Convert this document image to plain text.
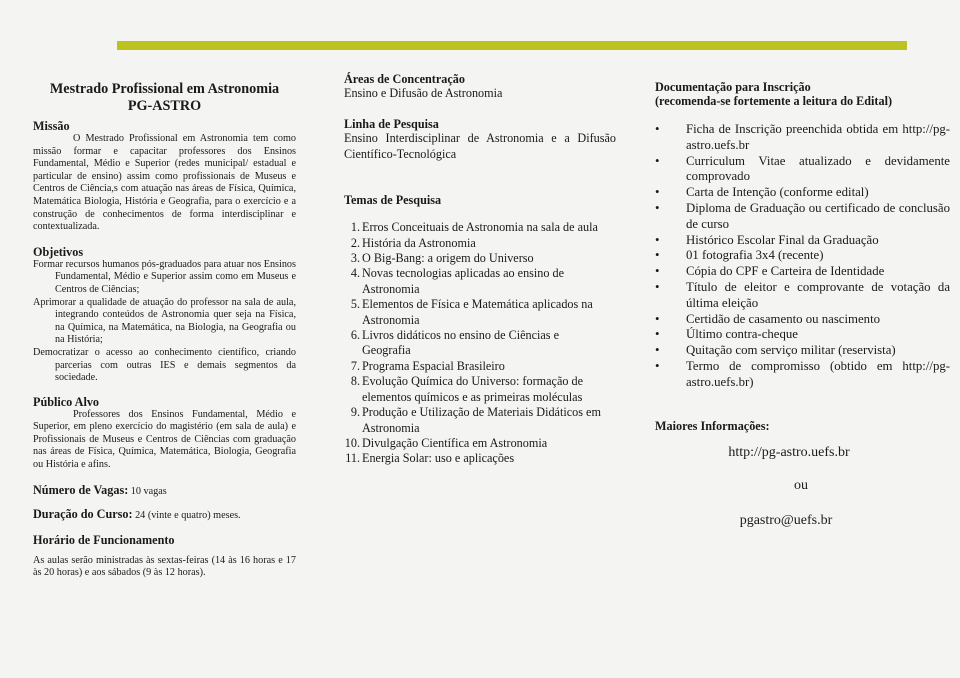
Mestrado Profissional em Astronomia
PG-ASTRO
Missão

O Mestrado Profissional em Astronomia tem como missão formar e capacitar professores dos Ensinos Fundamental, Médio e Superior (redes municipal/ estadual e particular de ensino) assim como profissionais de Museus e Centros de Ciência,s com atuação nas áreas de Física, Química, Matemática Biologia, História e Geografia, para o exercício e a construção de conhecimentos de forma interdisciplinar e contextualizada.

Objetivos

Formar recursos humanos pós-graduados para atuar nos Ensinos Fundamental, Médio e Superior assim como em Museus e Centros de Ciências;

Aprimorar a qualidade de atuação do professor na sala de aula, integrando conteúdos de Astronomia quer seja na Física, na Química, na Matemática, na Biologia, na Geografia ou na História;

Democratizar o acesso ao conhecimento científico, criando parcerias com outras IES e demais segmentos da sociedade.

Público Alvo

Professores dos Ensinos Fundamental, Médio e Superior, em pleno exercício do magistério (em sala de aula) e Profissionais de Museus e Centros de Ciências com graduação nas áreas de Física, Química, Matemática, Biologia, Geografia ou História e afins.

Número de Vagas: 10 vagas
Duração do Curso: 24 (vinte e quatro) meses.
Horário de Funcionamento

As aulas serão ministradas às sextas-feiras (14 às 16 horas e 17 às 20 horas) e aos sábados (9 às 12 horas).

Áreas de Concentração
Ensino e Difusão de Astronomia
Linha de Pesquisa

Ensino Interdisciplinar de Astronomia e a Difusão Científico-Tecnológica

Temas de Pesquisa
1. Erros Conceituais de Astronomia na sala de aula
2. História da Astronomia
3. O Big-Bang: a origem do Universo
4. Novas tecnologias aplicadas ao ensino de Astronomia
5. Elementos de Física e Matemática aplicados na Astronomia
6. Livros didáticos no ensino de Ciências e Geografia
7. Programa Espacial Brasileiro
8. Evolução Química do Universo: formação de elementos químicos e as primeiras moléculas
9. Produção e Utilização de Materiais Didáticos em Astronomia
10. Divulgação Científica em Astronomia
11. Energia Solar: uso e aplicações
Documentação para Inscrição
(recomenda-se fortemente a leitura do Edital)
• Ficha de Inscrição preenchida obtida em http://pg-astro.uefs.br
• Curriculum Vitae atualizado e devidamente comprovado
• Carta de Intenção (conforme edital)
• Diploma de Graduação ou certificado de conclusão de curso
• Histórico Escolar Final da Graduação
• 01 fotografia 3x4 (recente)
• Cópia do CPF e Carteira de Identidade
• Título de eleitor e comprovante de votação da última eleição
• Certidão de casamento ou nascimento
• Último contra-cheque
• Quitação com serviço militar (reservista)
• Termo de compromisso (obtido em http://pg-astro.uefs.br)
Maiores Informações:
http://pg-astro.uefs.br
ou
pgastro@uefs.br
